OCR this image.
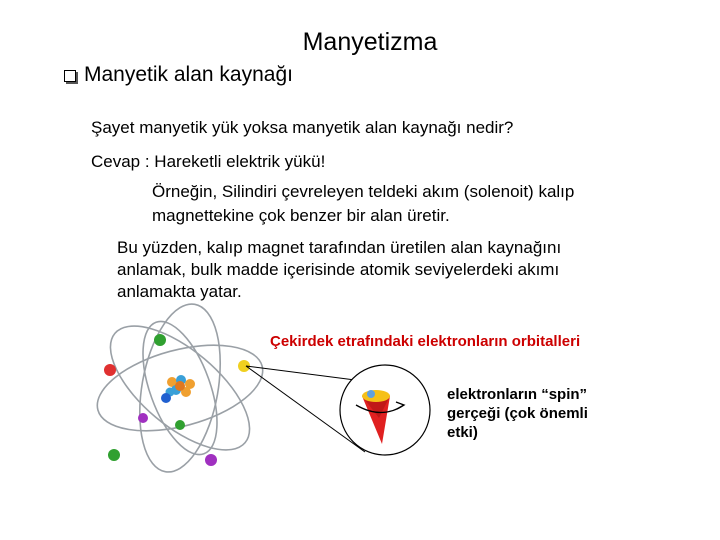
Manyetizma
Manyetik alan kaynağı
Şayet manyetik yük yoksa manyetik alan kaynağı nedir?
Cevap : Hareketli elektrik yükü!
Örneğin, Silindiri çevreleyen teldeki akım (solenoit) kalıp
magnettekine çok benzer bir alan üretir.
Bu yüzden, kalıp magnet tarafından üretilen alan kaynağını
anlamak, bulk madde içerisinde atomik seviyelerdeki akımı
anlamakta yatar.
Çekirdek etrafındaki elektronların orbitalleri
elektronların “spin”
gerçeği (çok önemli
etki)
